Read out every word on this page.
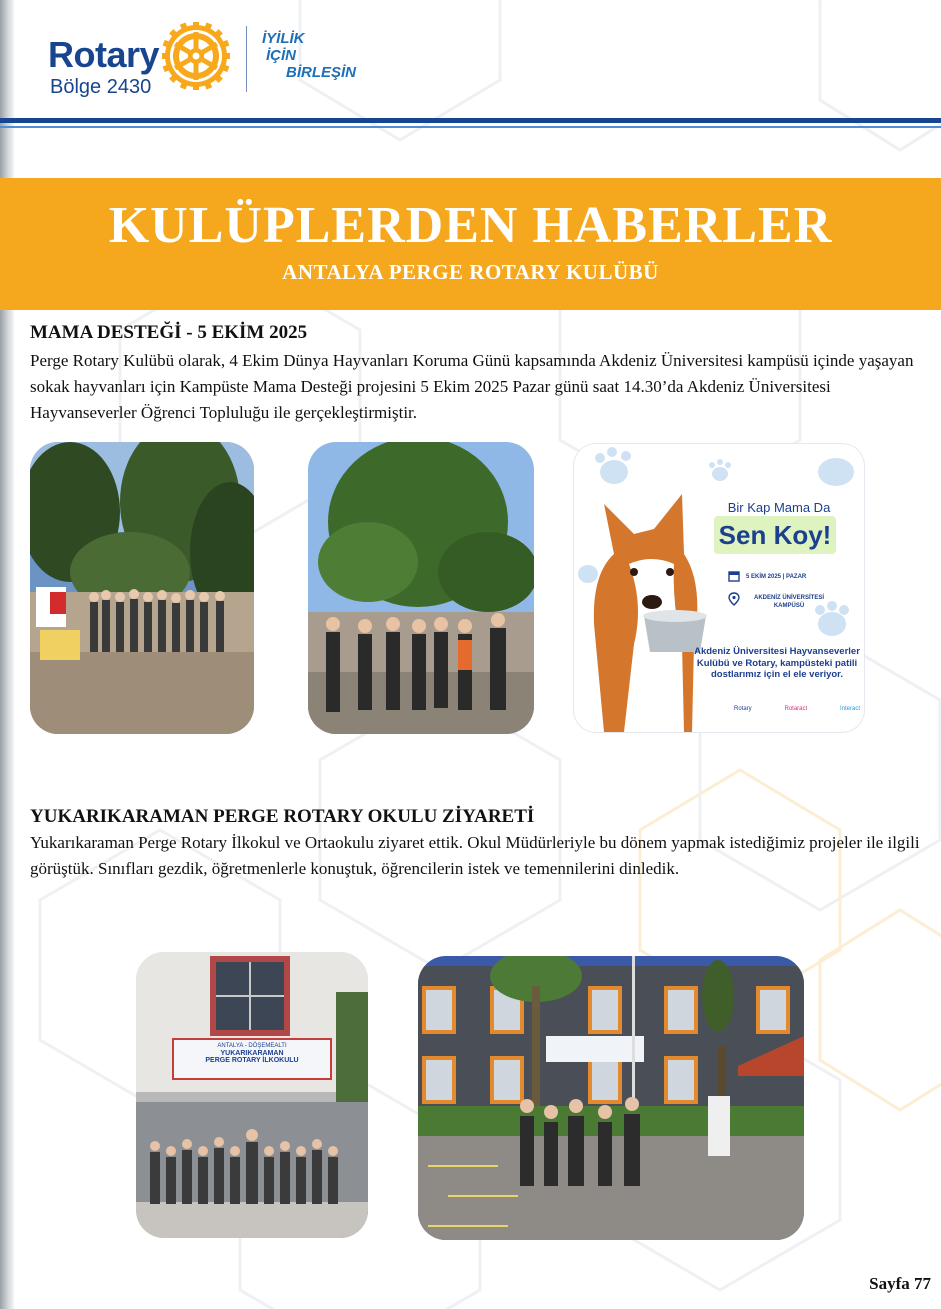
Rotary
Bölge 2430
İYİLİK
İÇİN
BİRLEŞİN
KULÜPLERDEN HABERLER
ANTALYA PERGE ROTARY KULÜBÜ
MAMA DESTEĞİ - 5 EKİM 2025

Perge Rotary Kulübü olarak, 4 Ekim Dünya Hayvanları Koruma Günü kapsamında Akdeniz Üniversitesi kampüsü içinde yaşayan sokak hayvanları için Kampüste Mama Desteği projesini 5 Ekim 2025 Pazar günü saat 14.30’da Akdeniz Üniversitesi Hayvanseverler Öğrenci Topluluğu ile gerçekleştirmiştir.

Bir Kap Mama Da
Sen Koy!
5 EKİM 2025 | PAZAR
AKDENİZ ÜNİVERSİTESİ KAMPÜSÜ
Akdeniz Üniversitesi Hayvanseverler Kulübü ve Rotary, kampüsteki patili dostlarımız için el ele veriyor.
Rotary	Rotaract	Interact
YUKARIKARAMAN PERGE ROTARY OKULU ZİYARETİ

Yukarıkaraman Perge Rotary İlkokul ve Ortaokulu ziyaret ettik. Okul Müdürleriyle bu dönem yapmak istediğimiz projeler ile ilgili görüştük. Sınıfları gezdik, öğretmenlerle konuştuk, öğrencilerin istek ve temennilerini dinledik.

ANTALYA - DÖŞEMEALTI
YUKARIKARAMAN
PERGE ROTARY İLKOKULU
Sayfa 77
